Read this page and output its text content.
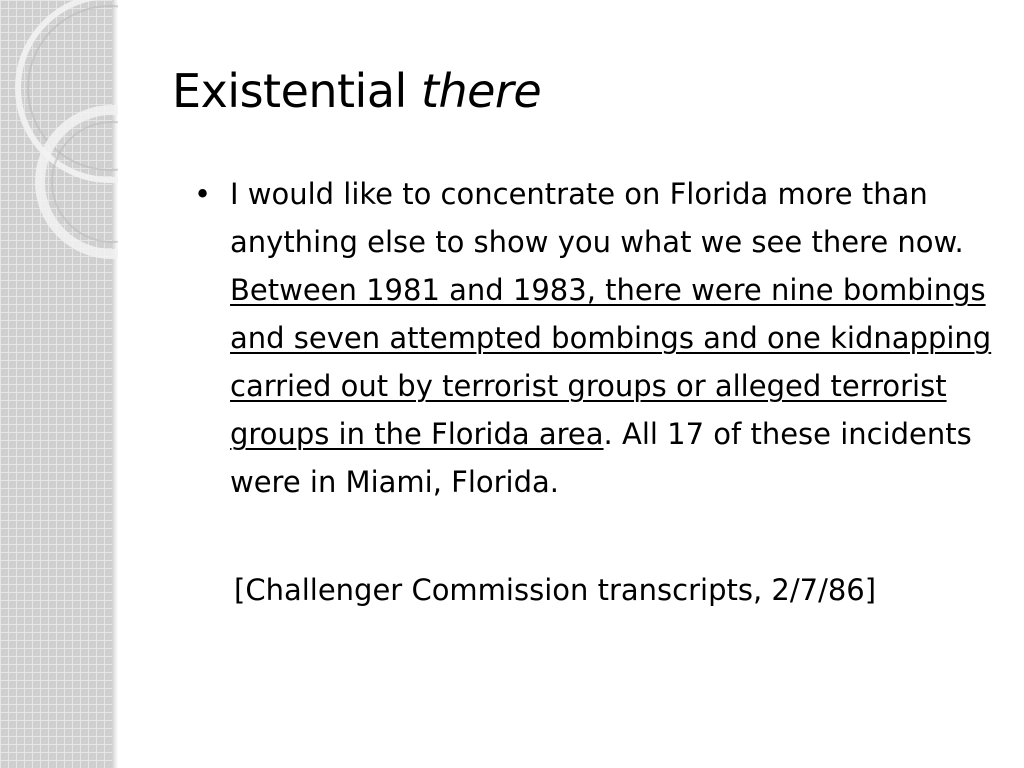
Existential there
• I would like to concentrate on Florida more than anything else to show you what we see there now. Between 1981 and 1983, there were nine bombings and seven attempted bombings and one kidnapping carried out by terrorist groups or alleged terrorist groups in the Florida area. All 17 of these incidents were in Miami, Florida.

[Challenger Commission transcripts, 2/7/86]
